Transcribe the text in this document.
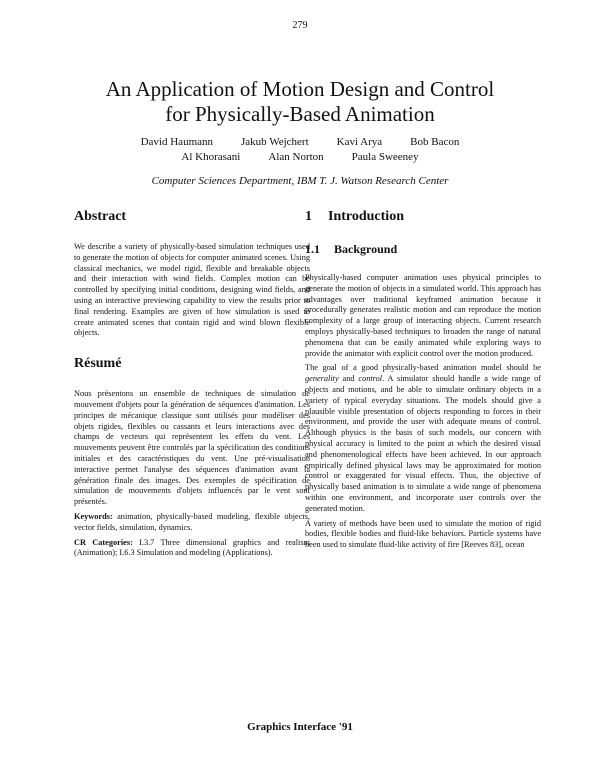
279
An Application of Motion Design and Control
for Physically-Based Animation
David Haumann	Jakub Wejchert	Kavi Arya	Bob Bacon
Al Khorasani	Alan Norton	Paula Sweeney
Computer Sciences Department, IBM T. J. Watson Research Center
Abstract

We describe a variety of physically-based simulation techniques used to generate the motion of objects for computer animated scenes. Using classical mechanics, we model rigid, flexible and breakable objects and their interaction with wind fields. Complex motion can be controlled by specifying initial conditions, designing wind fields, and using an interactive previewing capability to view the results prior to final rendering. Examples are given of how simulation is used to create animated scenes that contain rigid and wind blown flexible objects.

Résumé

Nous présentons un ensemble de techniques de simulation de mouvement d'objets pour la génération de séquences d'animation. Les principes de mécanique classique sont utilisés pour modéliser des objets rigides, flexibles ou cassants et leurs interactions avec des champs de vecteurs qui représentent les effets du vent. Les mouvements peuvent être controlés par la spécification des conditions initiales et des caractéristiques du vent. Une pré-visualisation interactive permet l'analyse des séquences d'animation avant la génération finale des images. Des exemples de spécification de simulation de mouvements d'objets influencés par le vent sont présentés.

Keywords: animation, physically-based modeling, flexible objects, vector fields, simulation, dynamics.

CR Categories: I.3.7 Three dimensional graphics and realism (Animation); I.6.3 Simulation and modeling (Applications).

1 Introduction
1.1 Background

Physically-based computer animation uses physical principles to generate the motion of objects in a simulated world. This approach has advantages over traditional keyframed animation because it procedurally generates realistic motion and can reproduce the motion complexity of a large group of interacting objects. Current research employs physically-based techniques to broaden the range of natural phenomena that can be easily animated while exploring ways to provide the animator with explicit control over the motion produced.

The goal of a good physically-based animation model should be generality and control. A simulator should handle a wide range of objects and motions, and be able to simulate ordinary objects in a variety of typical everyday situations. The models should give a plausible visible presentation of objects responding to forces in their environment, and provide the user with adequate means of control. Although physics is the basis of such models, our concern with physical accuracy is limited to the point at which the desired visual and phenomenological effects have been achieved. In our approach empirically defined physical laws may be approximated for motion control or exaggerated for visual effects. Thus, the objective of physically based animation is to simulate a wide range of phenomena within one environment, and incorporate user controls over the generated motion.

A variety of methods have been used to simulate the motion of rigid bodies, flexible bodies and fluid-like behaviors. Particle systems have been used to simulate fluid-like activity of fire [Reeves 83], ocean

Graphics Interface '91
